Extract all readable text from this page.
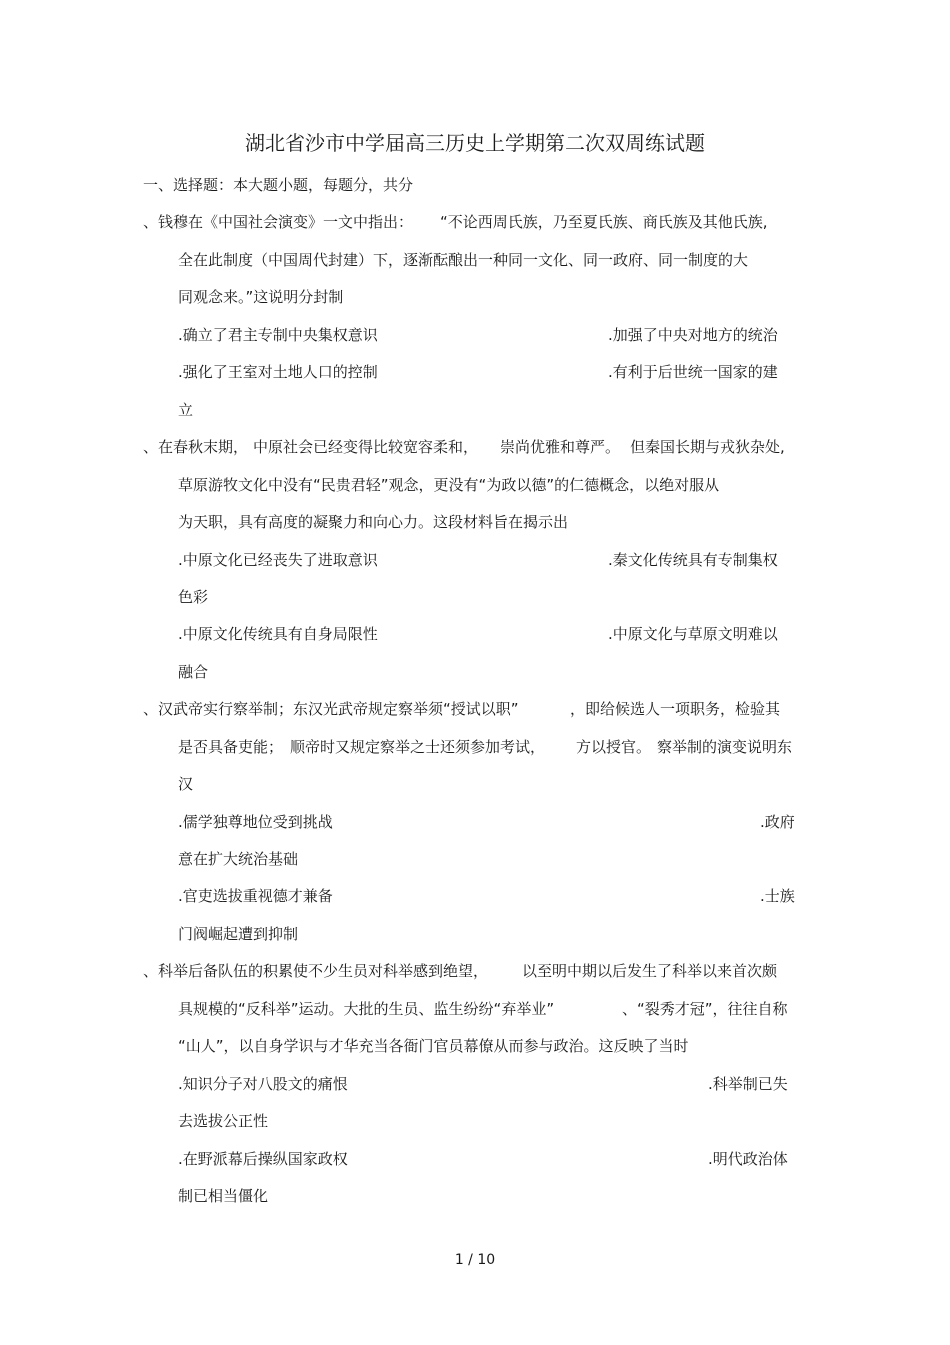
湖北省沙市中学届高三历史上学期第二次双周练试题
一、选择题：本大题小题，每题分，共分
、钱穆在《中国社会演变》一文中指出： “不论西周氏族，乃至夏氏族、商氏族及其他氏族,
全在此制度（中国周代封建）下，逐渐酝酿出一种同一文化、同一政府、同一制度的大
同观念来。”这说明分封制
.确立了君主专制中央集权意识	.加强了中央对地方的统治
.强化了王室对土地人口的控制	.有利于后世统一国家的建
立
、在春秋末期， 中原社会已经变得比较宽容柔和， 崇尚优雅和尊严。 但秦国长期与戎狄杂处,
草原游牧文化中没有“民贵君轻”观念，更没有“为政以德”的仁德概念，以绝对服从
为天职，具有高度的凝聚力和向心力。这段材料旨在揭示出
.中原文化已经丧失了进取意识	.秦文化传统具有专制集权
色彩
.中原文化传统具有自身局限性	.中原文化与草原文明难以
融合
、汉武帝实行察举制；东汉光武帝规定察举须“授试以职”	，即给候选人一项职务，检验其
是否具备吏能； 顺帝时又规定察举之士还须参加考试， 方以授官。 察举制的演变说明东
汉
.儒学独尊地位受到挑战	.政府
意在扩大统治基础
.官吏选拔重视德才兼备	.士族
门阀崛起遭到抑制
、科举后备队伍的积累使不少生员对科举感到绝望， 以至明中期以后发生了科举以来首次颇
具规模的“反科举”运动。大批的生员、监生纷纷“弃举业”	、“裂秀才冠”，往往自称
“山人”，以自身学识与才华充当各衙门官员幕僚从而参与政治。这反映了当时
.知识分子对八股文的痛恨	.科举制已失
去选拔公正性
.在野派幕后操纵国家政权	.明代政治体
制已相当僵化
1 / 10
